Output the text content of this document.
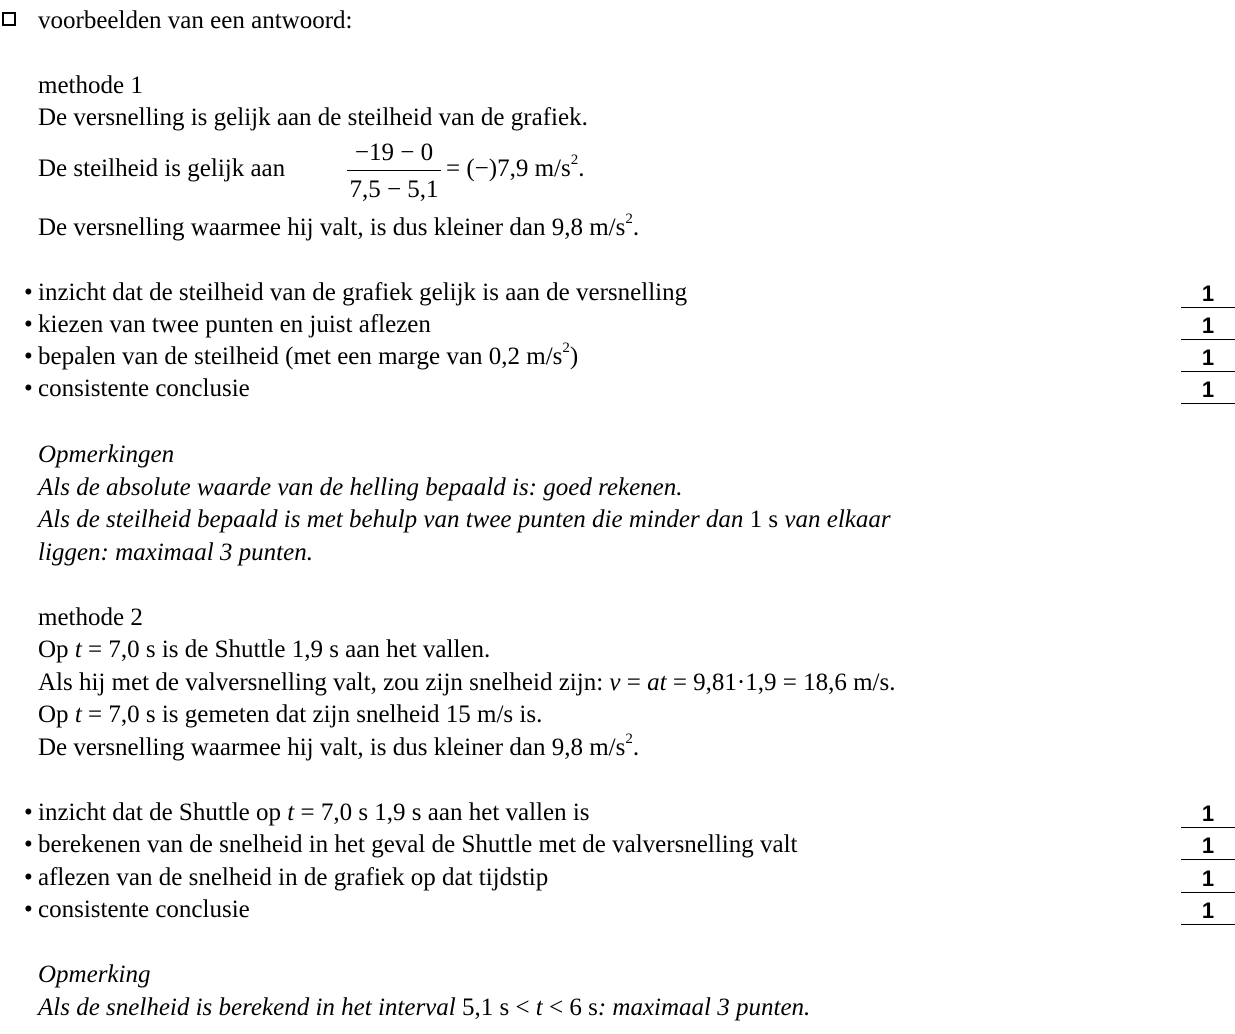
voorbeelden van een antwoord:
methode 1
De versnelling is gelijk aan de steilheid van de grafiek.
De steilheid is gelijk aan
−19 − 0
7,5 − 5,1
= (−)7,9 $m/s^2$.
De versnelling waarmee hij valt, is dus kleiner dan 9,8 $m/s^2$.
• inzicht dat de steilheid van de grafiek gelijk is aan de versnelling	1
• kiezen van twee punten en juist aflezen	1
• bepalen van de steilheid (met een marge van 0,2 $m/s^2$)	1
• consistente conclusie	1
Opmerkingen
Als de absolute waarde van de helling bepaald is: goed rekenen.
Als de steilheid bepaald is met behulp van twee punten die minder dan 1 s van elkaar
liggen: maximaal 3 punten.
methode 2
Op t = 7,0 s is de Shuttle 1,9 s aan het vallen.
Als hij met de valversnelling valt, zou zijn snelheid zijn: v = at = 9,81·1,9 = 18,6 m/s.
Op t = 7,0 s is gemeten dat zijn snelheid 15 m/s is.
De versnelling waarmee hij valt, is dus kleiner dan 9,8 $m/s^2$.
• inzicht dat de Shuttle op t = 7,0 s 1,9 s aan het vallen is	1
• berekenen van de snelheid in het geval de Shuttle met de valversnelling valt	1
• aflezen van de snelheid in de grafiek op dat tijdstip	1
• consistente conclusie	1
Opmerking
Als de snelheid is berekend in het interval 5,1 s < t < 6 s: maximaal 3 punten.
